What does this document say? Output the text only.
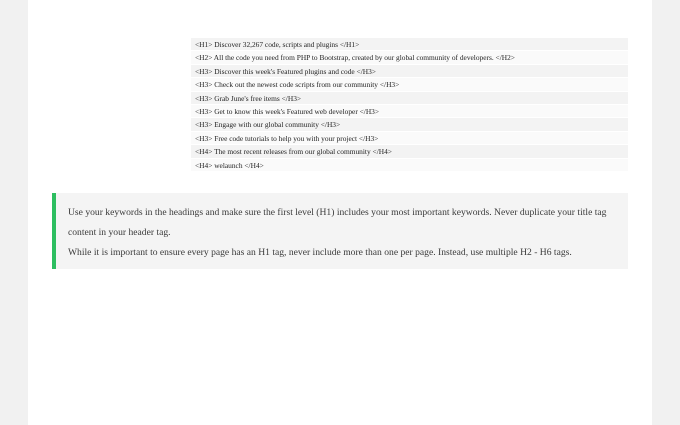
<H1> Discover 32,267 code, scripts and plugins </H1>
<H2> All the code you need from PHP to Bootstrap, created by our global community of developers. </H2>
<H3> Discover this week's Featured plugins and code </H3>
<H3> Check out the newest code scripts from our community </H3>
<H3> Grab June's free items </H3>
<H3> Get to know this week's Featured web developer </H3>
<H3> Engage with our global community </H3>
<H3> Free code tutorials to help you with your project </H3>
<H4> The most recent releases from our global community </H4>
<H4> welaunch </H4>

Use your keywords in the headings and make sure the first level (H1) includes your most important keywords. Never duplicate your title tag content in your header tag.

While it is important to ensure every page has an H1 tag, never include more than one per page. Instead, use multiple H2 - H6 tags.
